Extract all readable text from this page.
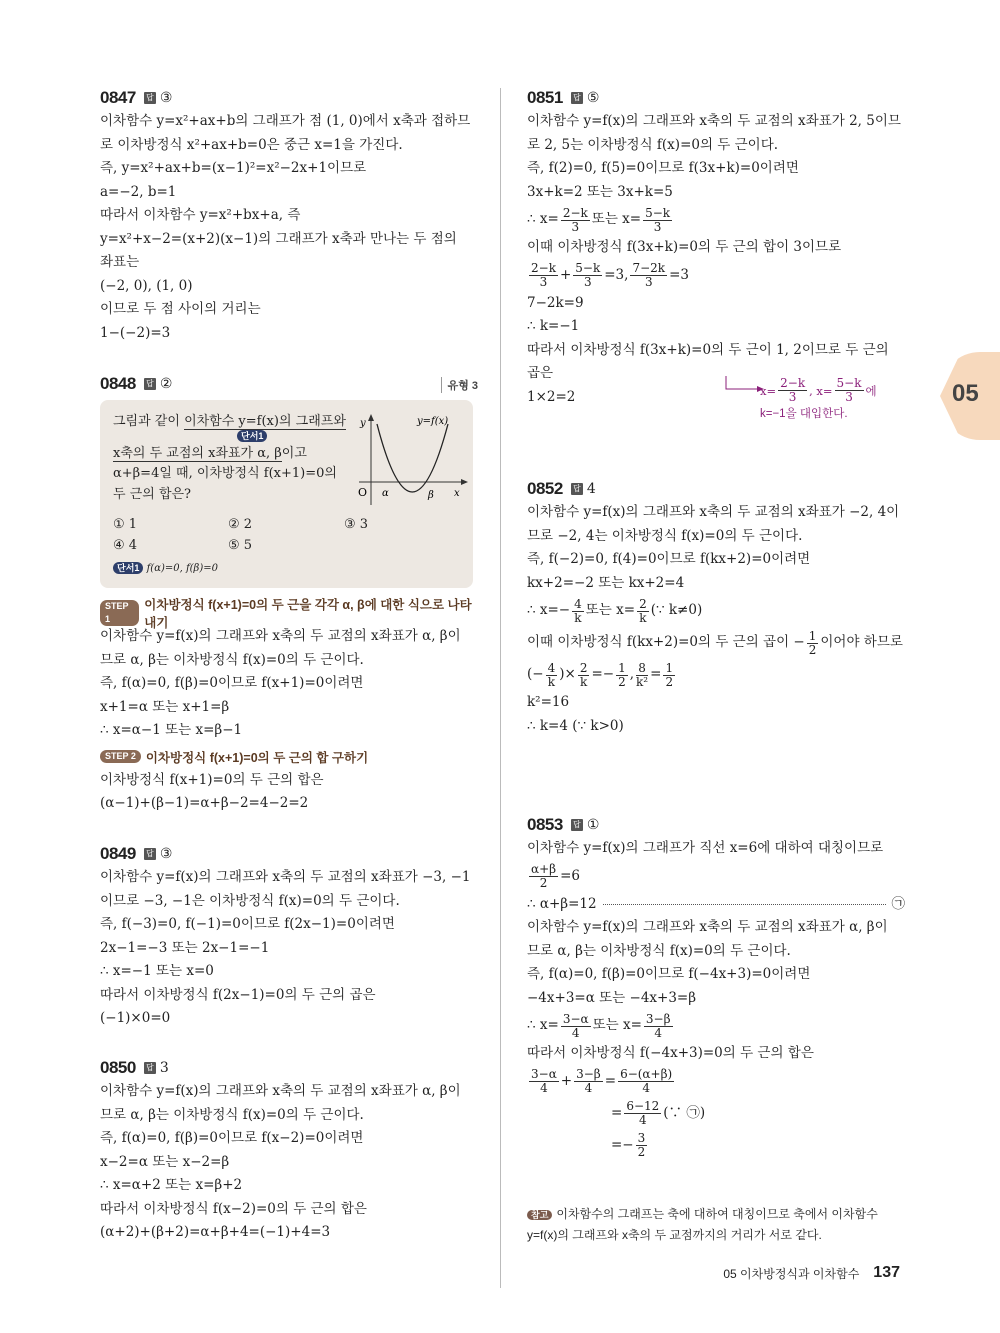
05
0847 답 ③
이차함수 y=x²+ax+b의 그래프가 점 (1, 0)에서 x축과 접하므
로 이차방정식 x²+ax+b=0은 중근 x=1을 가진다.
즉, y=x²+ax+b=(x−1)²=x²−2x+1이므로
a=−2, b=1
따라서 이차함수 y=x²+bx+a, 즉
y=x²+x−2=(x+2)(x−1)의 그래프가 x축과 만나는 두 점의
좌표는
(−2, 0), (1, 0)
이므로 두 점 사이의 거리는
1−(−2)=3
0848 답 ②	유형 3
그림과 같이 이차함수 y=f(x)의 그래프와
단서1
x축의 두 교점의 x좌표가 α, β이고
α+β=4일 때, 이차방정식 f(x+1)=0의
두 근의 합은?
y	y=f(x)
O α	β x
① 1	② 2	③ 3
④ 4	⑤ 5
단서1 f(α)=0, f(β)=0
STEP 1
이차방정식 f(x+1)=0의 두 근을 각각 α, β에 대한 식으로 나타내기
이차함수 y=f(x)의 그래프와 x축의 두 교점의 x좌표가 α, β이
므로 α, β는 이차방정식 f(x)=0의 두 근이다.
즉, f(α)=0, f(β)=0이므로 f(x+1)=0이려면
x+1=α 또는 x+1=β
∴ x=α−1 또는 x=β−1
STEP 2 이차방정식 f(x+1)=0의 두 근의 합 구하기
이차방정식 f(x+1)=0의 두 근의 합은
(α−1)+(β−1)=α+β−2=4−2=2
0849 답 ③
이차함수 y=f(x)의 그래프와 x축의 두 교점의 x좌표가 −3, −1
이므로 −3, −1은 이차방정식 f(x)=0의 두 근이다.
즉, f(−3)=0, f(−1)=0이므로 f(2x−1)=0이려면
2x−1=−3 또는 2x−1=−1
∴ x=−1 또는 x=0
따라서 이차방정식 f(2x−1)=0의 두 근의 곱은
(−1)×0=0
0850 답 3
이차함수 y=f(x)의 그래프와 x축의 두 교점의 x좌표가 α, β이
므로 α, β는 이차방정식 f(x)=0의 두 근이다.
즉, f(α)=0, f(β)=0이므로 f(x−2)=0이려면
x−2=α 또는 x−2=β
∴ x=α+2 또는 x=β+2
따라서 이차방정식 f(x−2)=0의 두 근의 합은
(α+2)+(β+2)=α+β+4=(−1)+4=3
0851 답 ⑤
이차함수 y=f(x)의 그래프와 x축의 두 교점의 x좌표가 2, 5이므
로 2, 5는 이차방정식 f(x)=0의 두 근이다.
즉, f(2)=0, f(5)=0이므로 f(3x+k)=0이려면
3x+k=2 또는 3x+k=5
∴ $x= \frac{2-k}{3}$ 또는 $x= \frac{5-k}{3}$
이때 이차방정식 f(3x+k)=0의 두 근의 합이 3이므로
$\frac{2-k}{3} + \frac{5-k}{3} =3$, $\frac{7-2k}{3} =3$
7−2k=9
∴ k=−1
따라서 이차방정식 f(3x+k)=0의 두 근이 1, 2이므로 두 근의
곱은
1×2=2	$x= \frac{2-k}{3}$ , $x= \frac{5-k}{3}$ 에
k=−1을 대입한다.
0852 답 4
이차함수 y=f(x)의 그래프와 x축의 두 교점의 x좌표가 −2, 4이
므로 −2, 4는 이차방정식 f(x)=0의 두 근이다.
즉, f(−2)=0, f(4)=0이므로 f(kx+2)=0이려면
kx+2=−2 또는 kx+2=4
∴ $x=- \frac{4}{k}$ 또는 $x= \frac{2}{k}$ (∵ k≠0)
이때 이차방정식 f(kx+2)=0의 두 근의 곱이 − $\frac{1}{2}$ 이어야 하므로
(− $\frac{4}{k}$ )× $\frac{2}{k} =- \frac{1}{2}$ , $\frac{8}{\text{k²}} = \frac{1}{2}$
k²=16
∴ k=4 (∵ k>0)
0853 답 ①
이차함수 y=f(x)의 그래프가 직선 x=6에 대하여 대칭이므로
$\frac{\alpha+\beta}{2} =6$
∴ α+β=12	㉠
이차함수 y=f(x)의 그래프와 x축의 두 교점의 x좌표가 α, β이
므로 α, β는 이차방정식 f(x)=0의 두 근이다.
즉, f(α)=0, f(β)=0이므로 f(−4x+3)=0이려면
−4x+3=α 또는 −4x+3=β
∴ $x= \frac{3-\alpha}{4}$ 또는 $x= \frac{3-\beta}{4}$
따라서 이차방정식 f(−4x+3)=0의 두 근의 합은
$\frac{3-\alpha}{4} + \frac{3-\beta}{4} = \frac{6-(\alpha+\beta)}{4}$
= $\frac{6-12}{4}$ (∵ ㉠)
=− $\frac{3}{2}$
참고 이차함수의 그래프는 축에 대하여 대칭이므로 축에서 이차함수
y=f(x)의 그래프와 x축의 두 교점까지의 거리가 서로 같다.
05 이차방정식과 이차함수 137
